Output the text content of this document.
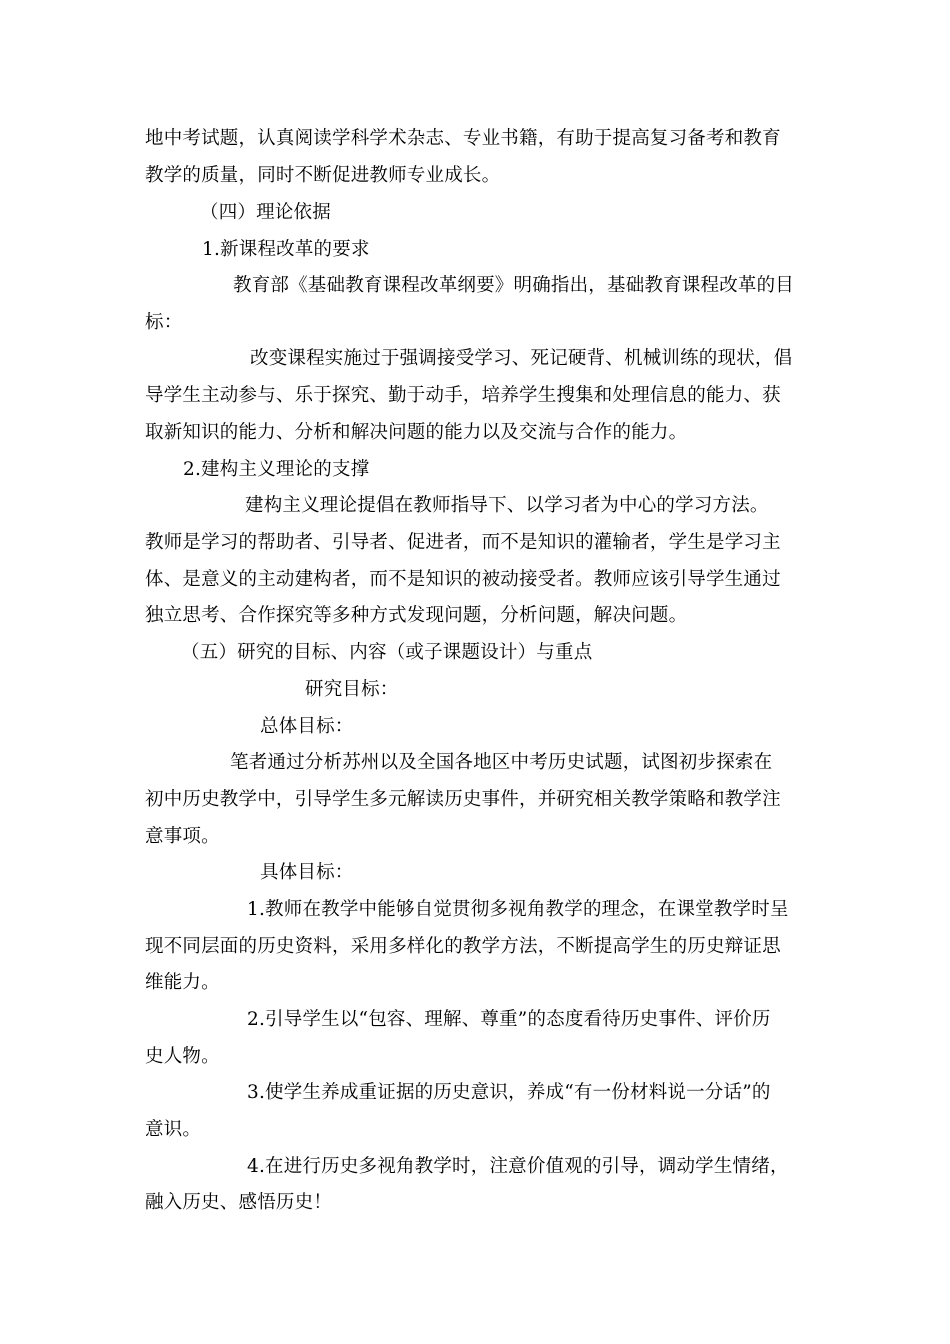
地中考试题，认真阅读学科学术杂志、专业书籍，有助于提高复习备考和教育
教学的质量，同时不断促进教师专业成长。
（四）理论依据
1.新课程改革的要求
教育部《基础教育课程改革纲要》明确指出，基础教育课程改革的目
标：
改变课程实施过于强调接受学习、死记硬背、机械训练的现状，倡
导学生主动参与、乐于探究、勤于动手，培养学生搜集和处理信息的能力、获
取新知识的能力、分析和解决问题的能力以及交流与合作的能力。
2.建构主义理论的支撑
建构主义理论提倡在教师指导下、以学习者为中心的学习方法。
教师是学习的帮助者、引导者、促进者，而不是知识的灌输者，学生是学习主
体、是意义的主动建构者，而不是知识的被动接受者。教师应该引导学生通过
独立思考、合作探究等多种方式发现问题，分析问题，解决问题。
（五）研究的目标、内容（或子课题设计）与重点
研究目标：
总体目标：
笔者通过分析苏州以及全国各地区中考历史试题，试图初步探索在
初中历史教学中，引导学生多元解读历史事件，并研究相关教学策略和教学注
意事项。
具体目标：
1.教师在教学中能够自觉贯彻多视角教学的理念，在课堂教学时呈
现不同层面的历史资料，采用多样化的教学方法，不断提高学生的历史辩证思
维能力。
2.引导学生以“包容、理解、尊重”的态度看待历史事件、评价历
史人物。
3.使学生养成重证据的历史意识，养成“有一份材料说一分话”的
意识。
4.在进行历史多视角教学时，注意价值观的引导，调动学生情绪，
融入历史、感悟历史！
